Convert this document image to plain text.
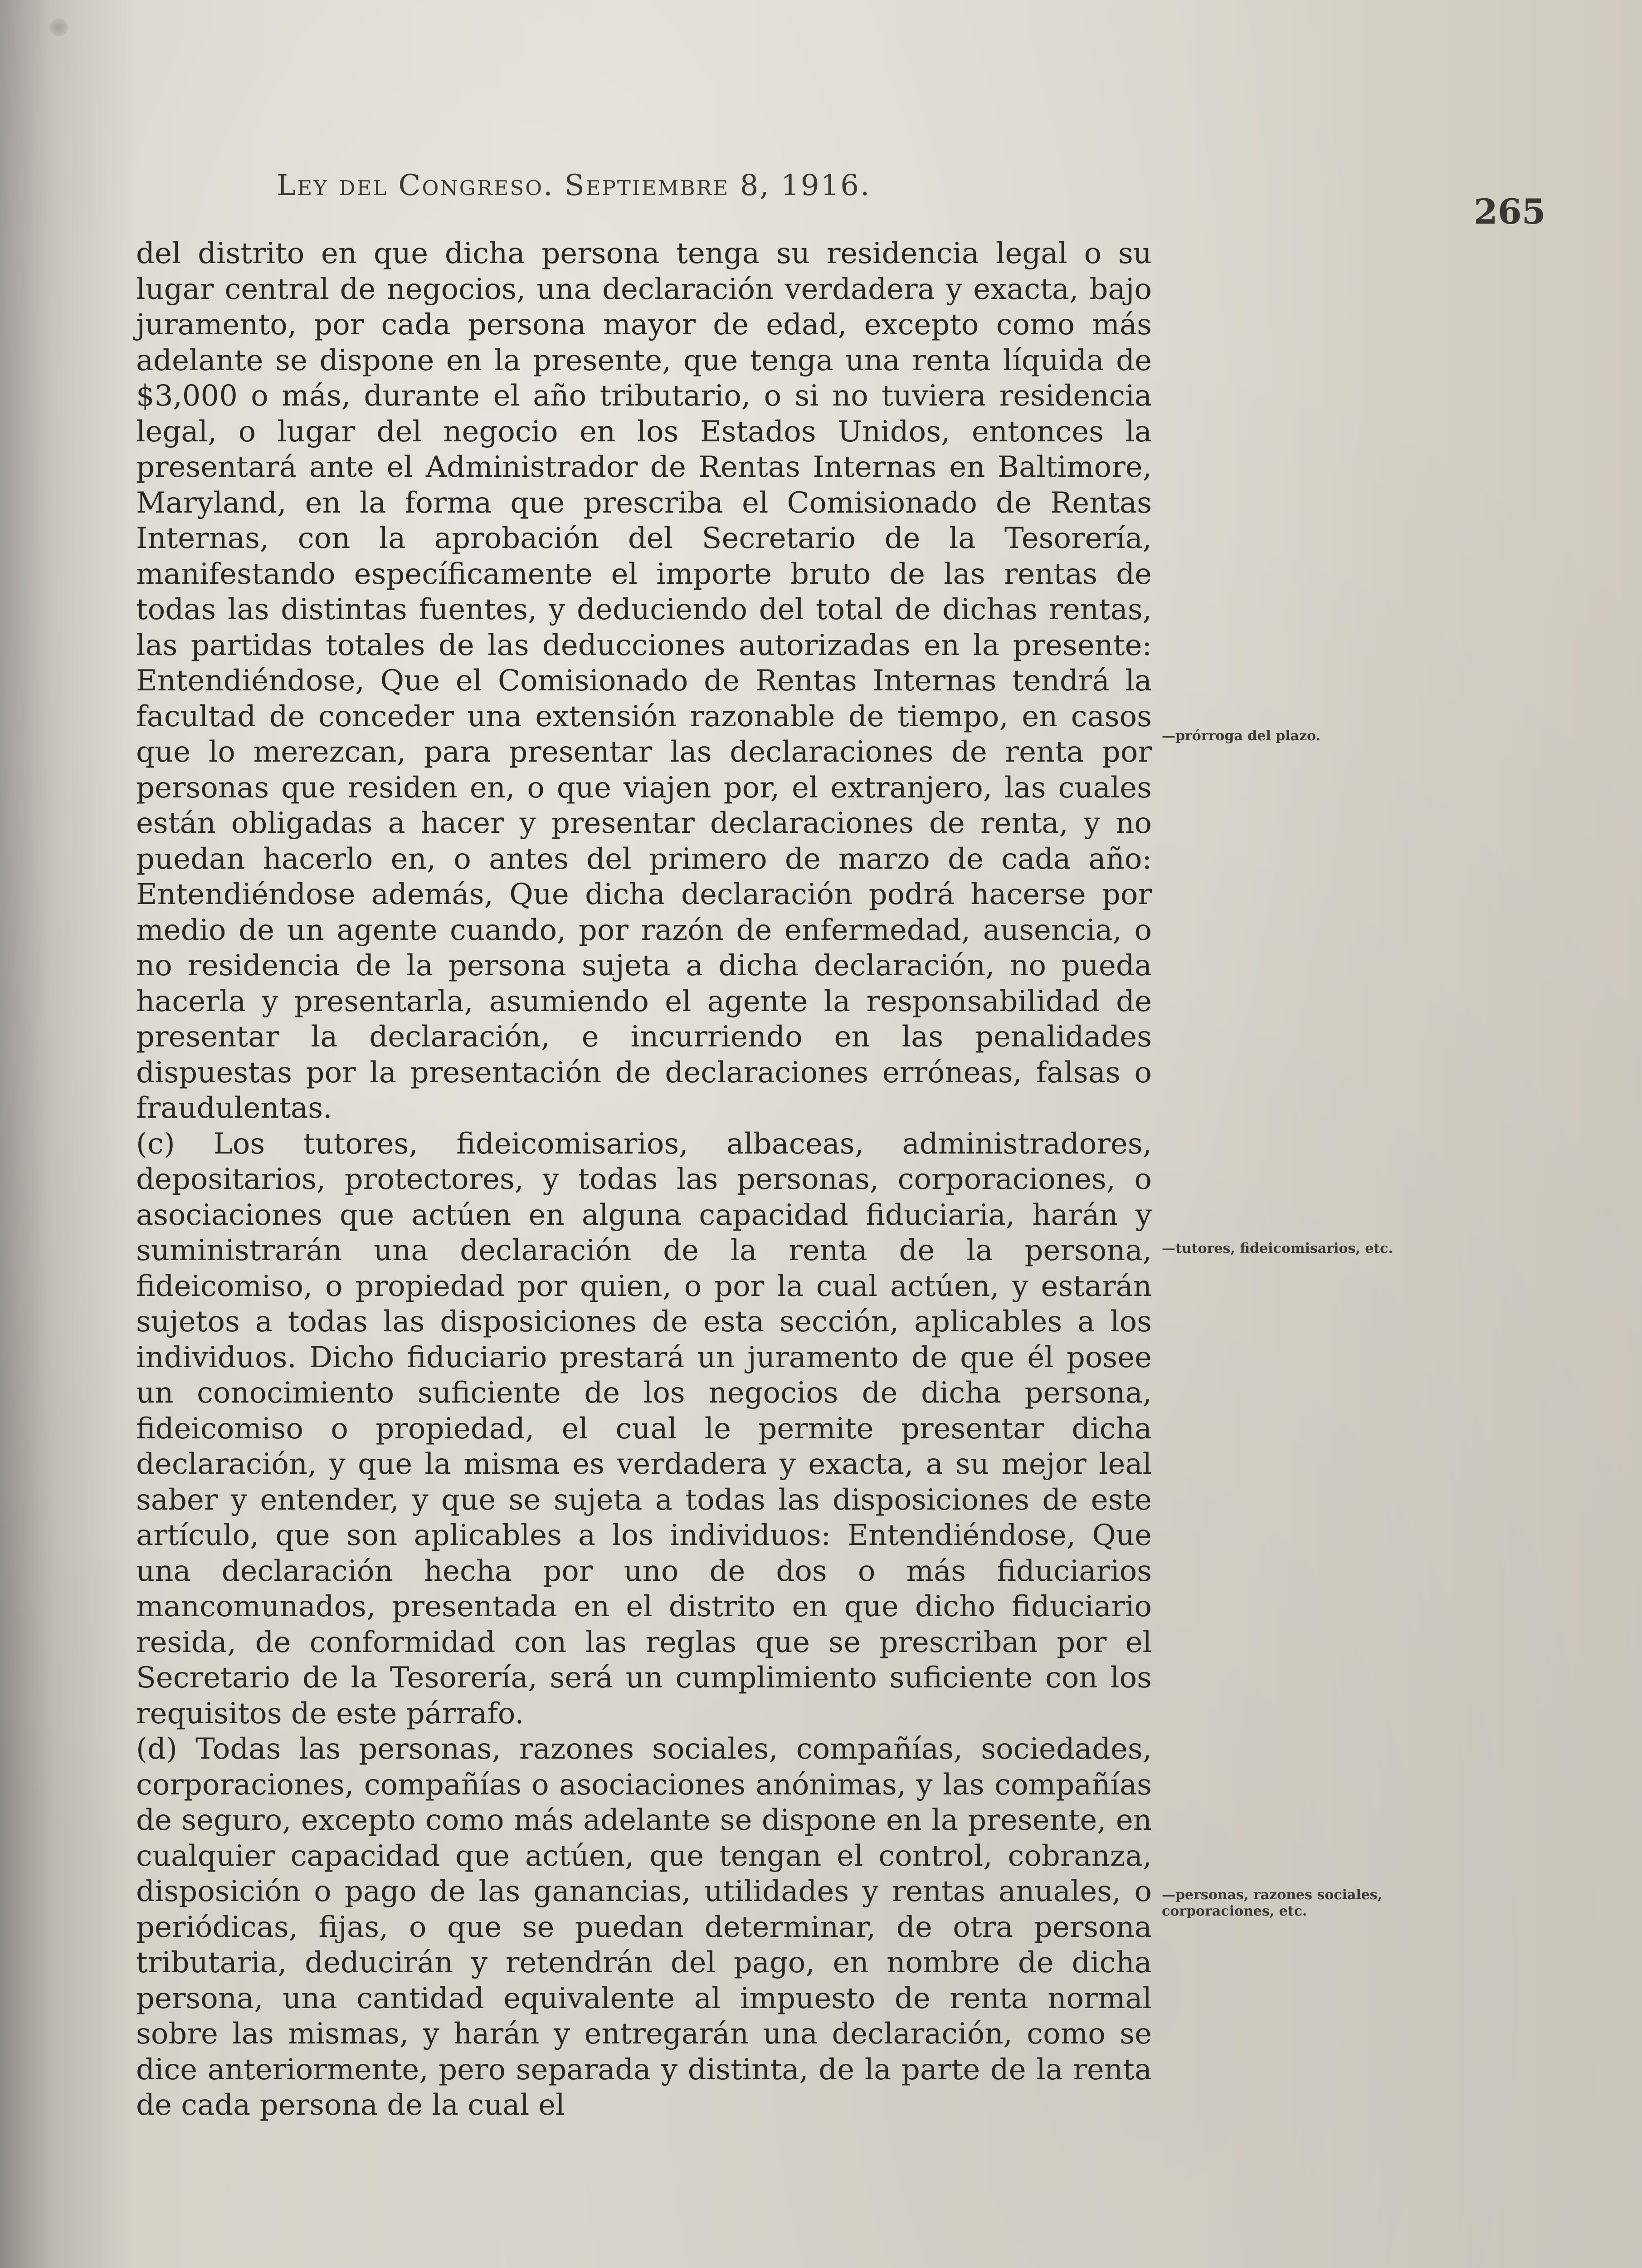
Ley del Congreso. Septiembre 8, 1916.
265

del distrito en que dicha persona tenga su residencia legal o su lugar central de negocios, una declaración verdadera y exacta, bajo juramento, por cada persona mayor de edad, excepto como más adelante se dispone en la presente, que tenga una renta líquida de $3,000 o más, durante el año tributario, o si no tuviera residencia legal, o lugar del negocio en los Estados Unidos, entonces la presentará ante el Administrador de Rentas Internas en Baltimore, Maryland, en la forma que prescriba el Comisionado de Rentas Internas, con la aprobación del Secretario de la Tesorería, manifestando específicamente el importe bruto de las rentas de todas las distintas fuentes, y deduciendo del total de dichas rentas, las partidas totales de las deducciones autorizadas en la presente: Entendiéndose, Que el Comisionado de Rentas Internas tendrá la facultad de conceder una extensión razonable de tiempo, en casos que lo merezcan, para presentar las declaraciones de renta por personas que residen en, o que viajen por, el extranjero, las cuales están obligadas a hacer y presentar declaraciones de renta, y no puedan hacerlo en, o antes del primero de marzo de cada año: Entendiéndose además, Que dicha declaración podrá hacerse por medio de un agente cuando, por razón de enfermedad, ausencia, o no residencia de la persona sujeta a dicha declaración, no pueda hacerla y presentarla, asumiendo el agente la responsabilidad de presentar la declaración, e incurriendo en las penalidades dispuestas por la presentación de declaraciones erróneas, falsas o fraudulentas.

(c) Los tutores, fideicomisarios, albaceas, administradores, depositarios, protectores, y todas las personas, corporaciones, o asociaciones que actúen en alguna capacidad fiduciaria, harán y suministrarán una declaración de la renta de la persona, fideicomiso, o propiedad por quien, o por la cual actúen, y estarán sujetos a todas las disposiciones de esta sección, aplicables a los individuos. Dicho fiduciario prestará un juramento de que él posee un conocimiento suficiente de los negocios de dicha persona, fideicomiso o propiedad, el cual le permite presentar dicha declaración, y que la misma es verdadera y exacta, a su mejor leal saber y entender, y que se sujeta a todas las disposiciones de este artículo, que son aplicables a los individuos: Entendiéndose, Que una declaración hecha por uno de dos o más fiduciarios mancomunados, presentada en el distrito en que dicho fiduciario resida, de conformidad con las reglas que se prescriban por el Secretario de la Tesorería, será un cumplimiento suficiente con los requisitos de este párrafo.

(d) Todas las personas, razones sociales, compañías, sociedades, corporaciones, compañías o asociaciones anónimas, y las compañías de seguro, excepto como más adelante se dispone en la presente, en cualquier capacidad que actúen, que tengan el control, cobranza, disposición o pago de las ganancias, utilidades y rentas anuales, o periódicas, fijas, o que se puedan determinar, de otra persona tributaria, deducirán y retendrán del pago, en nombre de dicha persona, una cantidad equivalente al impuesto de renta normal sobre las mismas, y harán y entregarán una declaración, como se dice anteriormente, pero separada y distinta, de la parte de la renta de cada persona de la cual el

—prórroga del plazo.
—tutores, fideicomisarios, etc.
—personas, razones sociales, corporaciones, etc.
